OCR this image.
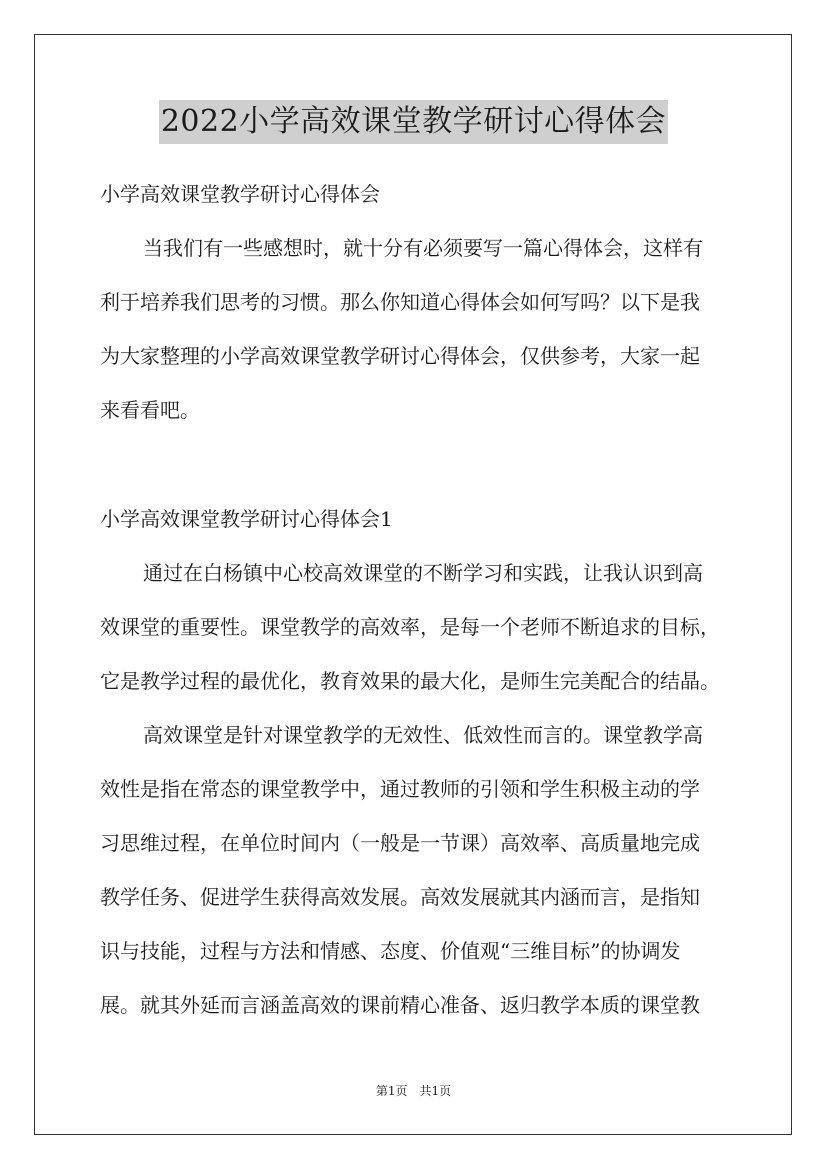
2022小学高效课堂教学研讨心得体会
小学高效课堂教学研讨心得体会
当我们有一些感想时，就十分有必须要写一篇心得体会，这样有
利于培养我们思考的习惯。那么你知道心得体会如何写吗？以下是我
为大家整理的小学高效课堂教学研讨心得体会，仅供参考，大家一起
来看看吧。
小学高效课堂教学研讨心得体会1
通过在白杨镇中心校高效课堂的不断学习和实践，让我认识到高
效课堂的重要性。课堂教学的高效率，是每一个老师不断追求的目标，
它是教学过程的最优化，教育效果的最大化，是师生完美配合的结晶。
高效课堂是针对课堂教学的无效性、低效性而言的。课堂教学高
效性是指在常态的课堂教学中，通过教师的引领和学生积极主动的学
习思维过程，在单位时间内（一般是一节课）高效率、高质量地完成
教学任务、促进学生获得高效发展。高效发展就其内涵而言，是指知
识与技能，过程与方法和情感、态度、价值观“三维目标”的协调发
展。就其外延而言涵盖高效的课前精心准备、返归教学本质的课堂教
第1页　共1页
